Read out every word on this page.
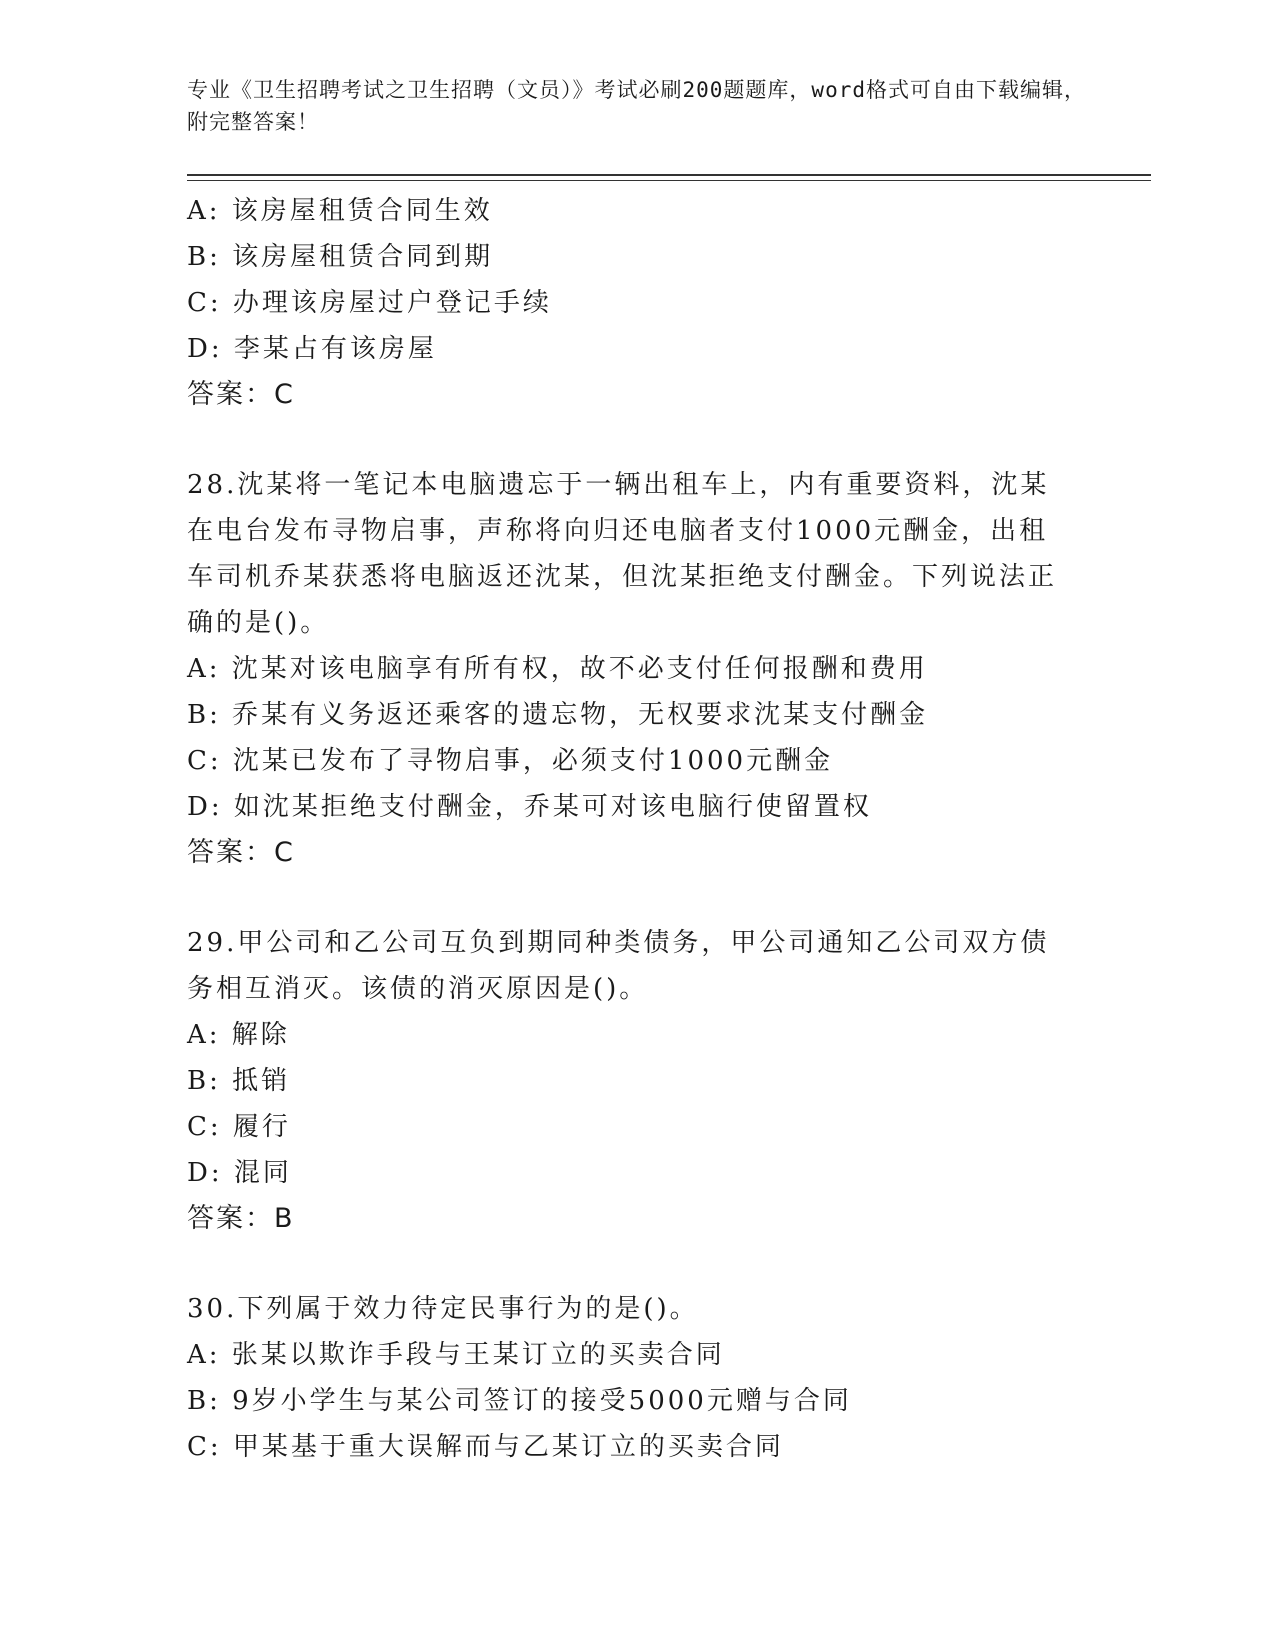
专业《卫生招聘考试之卫生招聘（文员）》考试必刷200题题库，word格式可自由下载编辑，附完整答案！
A: 该房屋租赁合同生效
B: 该房屋租赁合同到期
C: 办理该房屋过户登记手续
D: 李某占有该房屋
答案：C
28.沈某将一笔记本电脑遗忘于一辆出租车上，内有重要资料，沈某在电台发布寻物启事，声称将向归还电脑者支付1000元酬金，出租车司机乔某获悉将电脑返还沈某，但沈某拒绝支付酬金。下列说法正确的是()。
A: 沈某对该电脑享有所有权，故不必支付任何报酬和费用
B: 乔某有义务返还乘客的遗忘物，无权要求沈某支付酬金
C: 沈某已发布了寻物启事，必须支付1000元酬金
D: 如沈某拒绝支付酬金，乔某可对该电脑行使留置权
答案：C
29.甲公司和乙公司互负到期同种类债务，甲公司通知乙公司双方债务相互消灭。该债的消灭原因是()。
A: 解除
B: 抵销
C: 履行
D: 混同
答案：B
30.下列属于效力待定民事行为的是()。
A: 张某以欺诈手段与王某订立的买卖合同
B: 9岁小学生与某公司签订的接受5000元赠与合同
C: 甲某基于重大误解而与乙某订立的买卖合同
